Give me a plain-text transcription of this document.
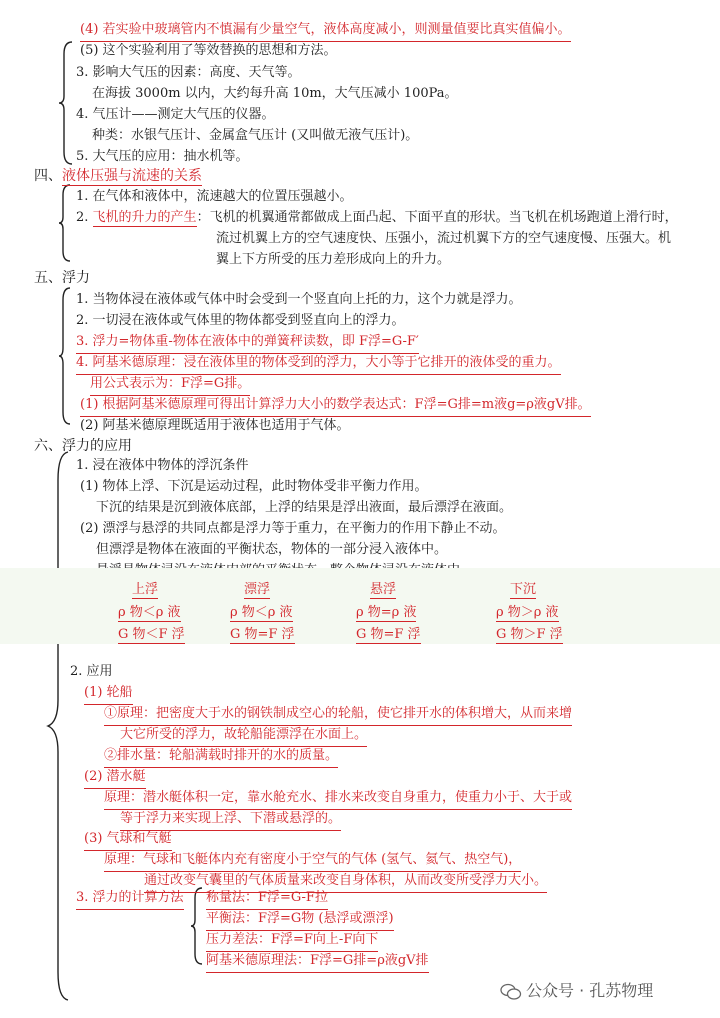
(4) 若实验中玻璃管内不慎漏有少量空气，液体高度减小，则测量值要比真实值偏小。
(5) 这个实验利用了等效替换的思想和方法。
3. 影响大气压的因素：高度、天气等。
在海拔 3000m 以内，大约每升高 10m，大气压减小 100Pa。
4. 气压计——测定大气压的仪器。
种类：水银气压计、金属盒气压计 (又叫做无液气压计)。
5. 大气压的应用：抽水机等。
四、液体压强与流速的关系
1. 在气体和液体中，流速越大的位置压强越小。
2. 飞机的升力的产生：飞机的机翼通常都做成上面凸起、下面平直的形状。当飞机在机场跑道上滑行时，
流过机翼上方的空气速度快、压强小，流过机翼下方的空气速度慢、压强大。机
翼上下方所受的压力差形成向上的升力。
五、浮力
1. 当物体浸在液体或气体中时会受到一个竖直向上托的力，这个力就是浮力。
2. 一切浸在液体或气体里的物体都受到竖直向上的浮力。
3. 浮力=物体重-物体在液体中的弹簧秤读数，即 F浮=G-F′
4. 阿基米德原理：浸在液体里的物体受到的浮力，大小等于它排开的液体受的重力。
用公式表示为：F浮=G排。
(1) 根据阿基米德原理可得出计算浮力大小的数学表达式：F浮=G排=m液g=ρ液gV排。
(2) 阿基米德原理既适用于液体也适用于气体。
六、浮力的应用
1. 浸在液体中物体的浮沉条件
(1) 物体上浮、下沉是运动过程，此时物体受非平衡力作用。
下沉的结果是沉到液体底部，上浮的结果是浮出液面，最后漂浮在液面。
(2) 漂浮与悬浮的共同点都是浮力等于重力，在平衡力的作用下静止不动。
但漂浮是物体在液面的平衡状态，物体的一部分浸入液体中。
上浮
ρ 物＜ρ 液
G 物＜F 浮
漂浮
ρ 物＜ρ 液
G 物=F 浮
悬浮
ρ 物=ρ 液
G 物=F 浮
下沉
ρ 物＞ρ 液
G 物＞F 浮
2. 应用
(1) 轮船
①原理：把密度大于水的钢铁制成空心的轮船，使它排开水的体积增大，从而来增
大它所受的浮力，故轮船能漂浮在水面上。
②排水量：轮船满载时排开的水的质量。
(2) 潜水艇
原理：潜水艇体积一定，靠水舱充水、排水来改变自身重力，使重力小于、大于或
等于浮力来实现上浮、下潜或悬浮的。
(3) 气球和气艇
原理：气球和飞艇体内充有密度小于空气的气体 (氢气、氦气、热空气)，
通过改变气囊里的气体质量来改变自身体积，从而改变所受浮力大小。
3. 浮力的计算方法 称量法：F浮=G-F拉
平衡法：F浮=G物 (悬浮或漂浮)
压力差法：F浮=F向上-F向下
阿基米德原理法：F浮=G排=ρ液gV排
公众号 · 孔苏物理
